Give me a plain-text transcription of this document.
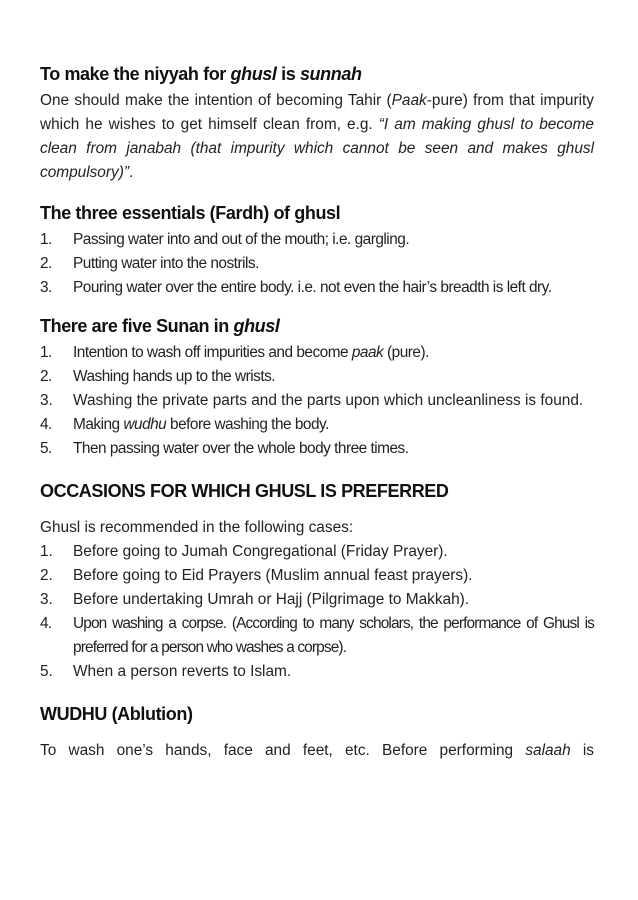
To make the niyyah for ghusl is sunnah

One should make the intention of becoming Tahir (Paak-pure) from that impurity which he wishes to get himself clean from, e.g. “I am making ghusl to become clean from janabah (that impurity which cannot be seen and makes ghusl compulsory)”.

The three essentials (Fardh) of ghusl
1. Passing water into and out of the mouth; i.e. gargling.
2. Putting water into the nostrils.
3. Pouring water over the entire body. i.e. not even the hair’s breadth is left dry.
There are five Sunan in ghusl
1. Intention to wash off impurities and become paak (pure).
2. Washing hands up to the wrists.
3. Washing the private parts and the parts upon which uncleanliness is found.
4. Making wudhu before washing the body.
5. Then passing water over the whole body three times.
OCCASIONS FOR WHICH GHUSL IS PREFERRED

Ghusl is recommended in the following cases:

1. Before going to Jumah Congregational (Friday Prayer).
2. Before going to Eid Prayers (Muslim annual feast prayers).
3. Before undertaking Umrah or Hajj (Pilgrimage to Makkah).
4. Upon washing a corpse. (According to many scholars, the performance of Ghusl is preferred for a person who washes a corpse).
5. When a person reverts to Islam.
WUDHU (Ablution)

To wash one’s hands, face and feet, etc. Before performing salaah is
